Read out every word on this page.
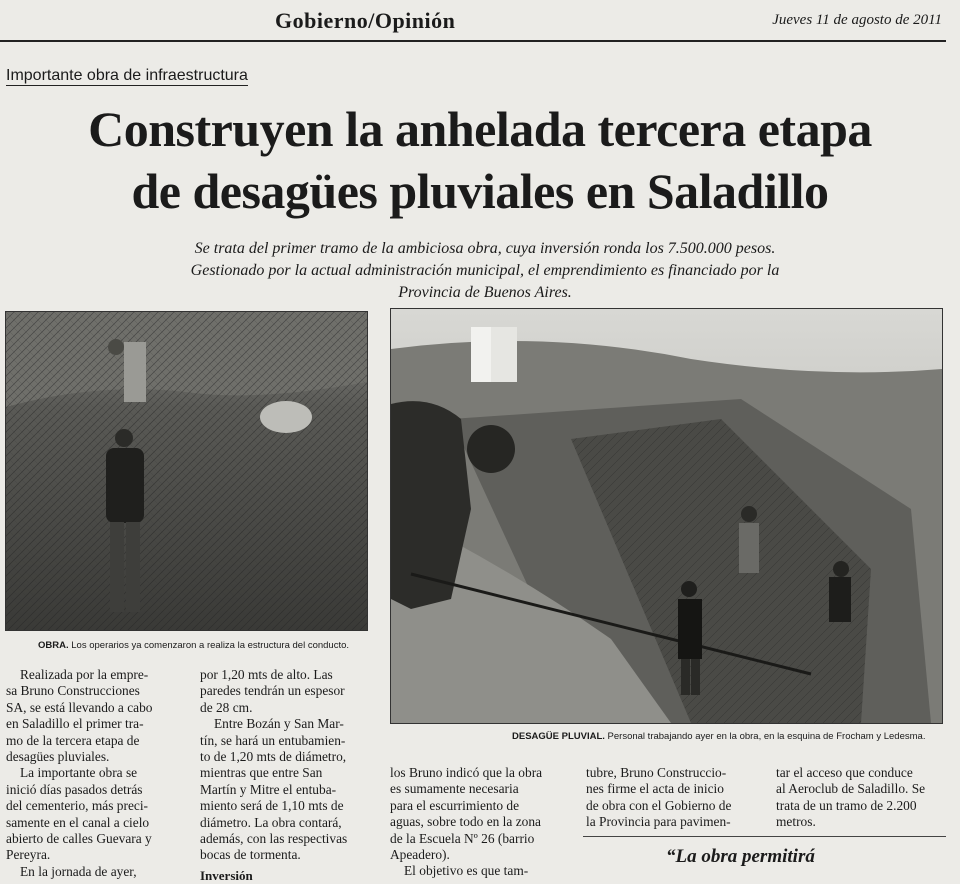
Gobierno/Opinión	Jueves 11 de agosto de 2011
Importante obra de infraestructura
Construyen la anhelada tercera etapa
de desagües pluviales en Saladillo
Se trata del primer tramo de la ambiciosa obra, cuya inversión ronda los 7.500.000 pesos.
Gestionado por la actual administración municipal, el emprendimiento es financiado por la
Provincia de Buenos Aires.
OBRA. Los operarios ya comenzaron a realiza la estructura del conducto.
DESAGÜE PLUVIAL. Personal trabajando ayer en la obra, en la esquina de Frocham y Ledesma.
Realizada por la empre-
sa Bruno Construcciones
SA, se está llevando a cabo
en Saladillo el primer tra-
mo de la tercera etapa de
desagües pluviales.
La importante obra se
inició días pasados detrás
del cementerio, más preci-
samente en el canal a cielo
abierto de calles Guevara y
Pereyra.
En la jornada de ayer,
por 1,20 mts de alto. Las
paredes tendrán un espesor
de 28 cm.
Entre Bozán y San Mar-
tín, se hará un entubamien-
to de 1,20 mts de diámetro,
mientras que entre San
Martín y Mitre el entuba-
miento será de 1,10 mts de
diámetro. La obra contará,
además, con las respectivas
bocas de tormenta.
Inversión
los Bruno indicó que la obra
es sumamente necesaria
para el escurrimiento de
aguas, sobre todo en la zona
de la Escuela Nº 26 (barrio
Apeadero).
El objetivo es que tam-
tubre, Bruno Construccio-
nes firme el acta de inicio
de obra con el Gobierno de
la Provincia para pavimen-
tar el acceso que conduce
al Aeroclub de Saladillo. Se
trata de un tramo de 2.200
metros.
“La obra permitirá
